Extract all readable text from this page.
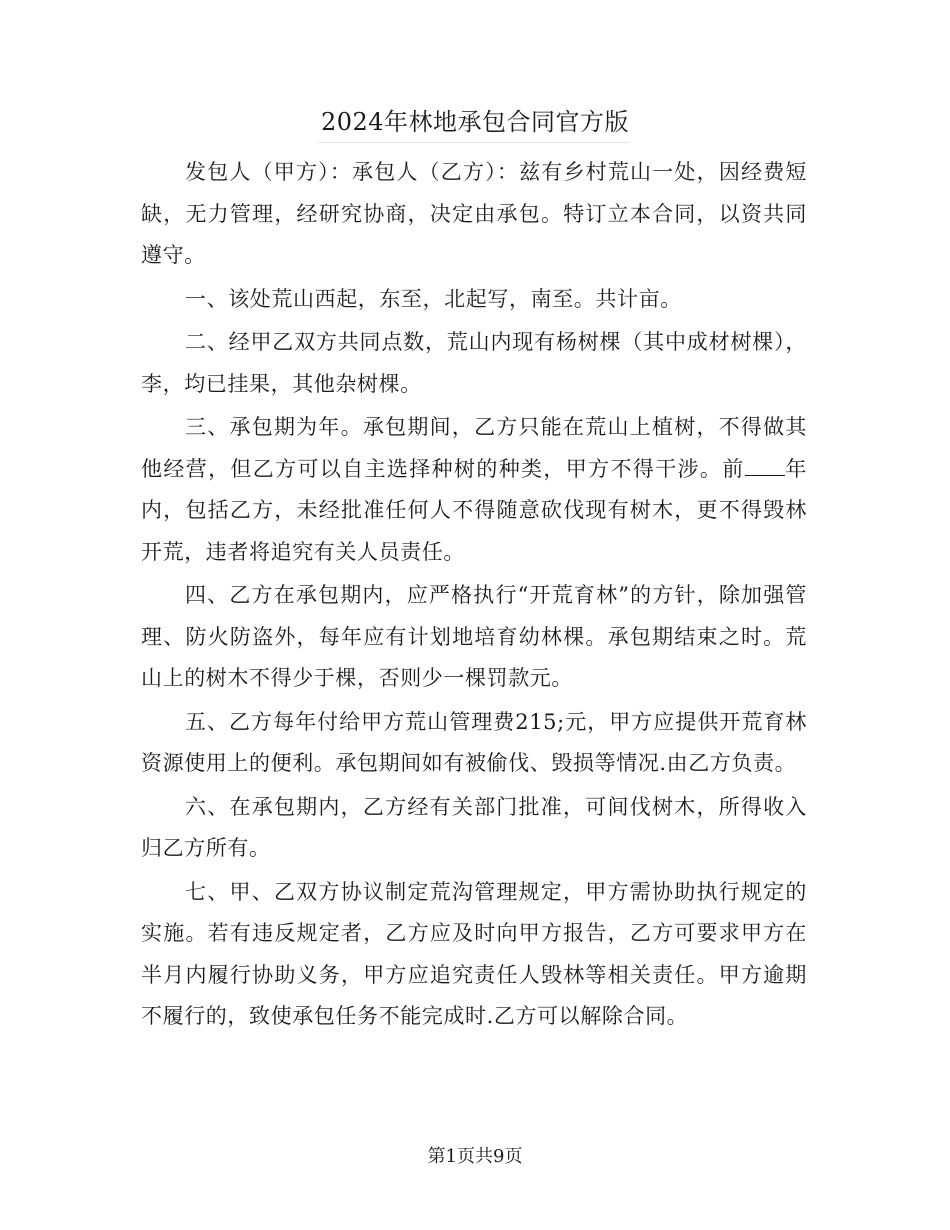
2024年林地承包合同官方版

发包人（甲方）：承包人（乙方）：兹有乡村荒山一处，因经费短缺，无力管理，经研究协商，决定由承包。特订立本合同，以资共同遵守。

一、该处荒山西起，东至，北起写，南至。共计亩。

二、经甲乙双方共同点数，荒山内现有杨树棵（其中成材树棵），李，均已挂果，其他杂树棵。

三、承包期为年。承包期间，乙方只能在荒山上植树，不得做其他经营，但乙方可以自主选择种树的种类，甲方不得干涉。前 年内，包括乙方，未经批准任何人不得随意砍伐现有树木，更不得毁林开荒，违者将追究有关人员责任。

四、乙方在承包期内，应严格执行“开荒育林”的方针，除加强管理、防火防盗外，每年应有计划地培育幼林棵。承包期结束之时。荒山上的树木不得少于棵，否则少一棵罚款元。

五、乙方每年付给甲方荒山管理费215;元，甲方应提供开荒育林资源使用上的便利。承包期间如有被偷伐、毁损等情况.由乙方负责。

六、在承包期内，乙方经有关部门批准，可间伐树木，所得收入归乙方所有。

七、甲、乙双方协议制定荒沟管理规定，甲方需协助执行规定的实施。若有违反规定者，乙方应及时向甲方报告，乙方可要求甲方在半月内履行协助义务，甲方应追究责任人毁林等相关责任。甲方逾期不履行的，致使承包任务不能完成时.乙方可以解除合同。

第1页共9页
